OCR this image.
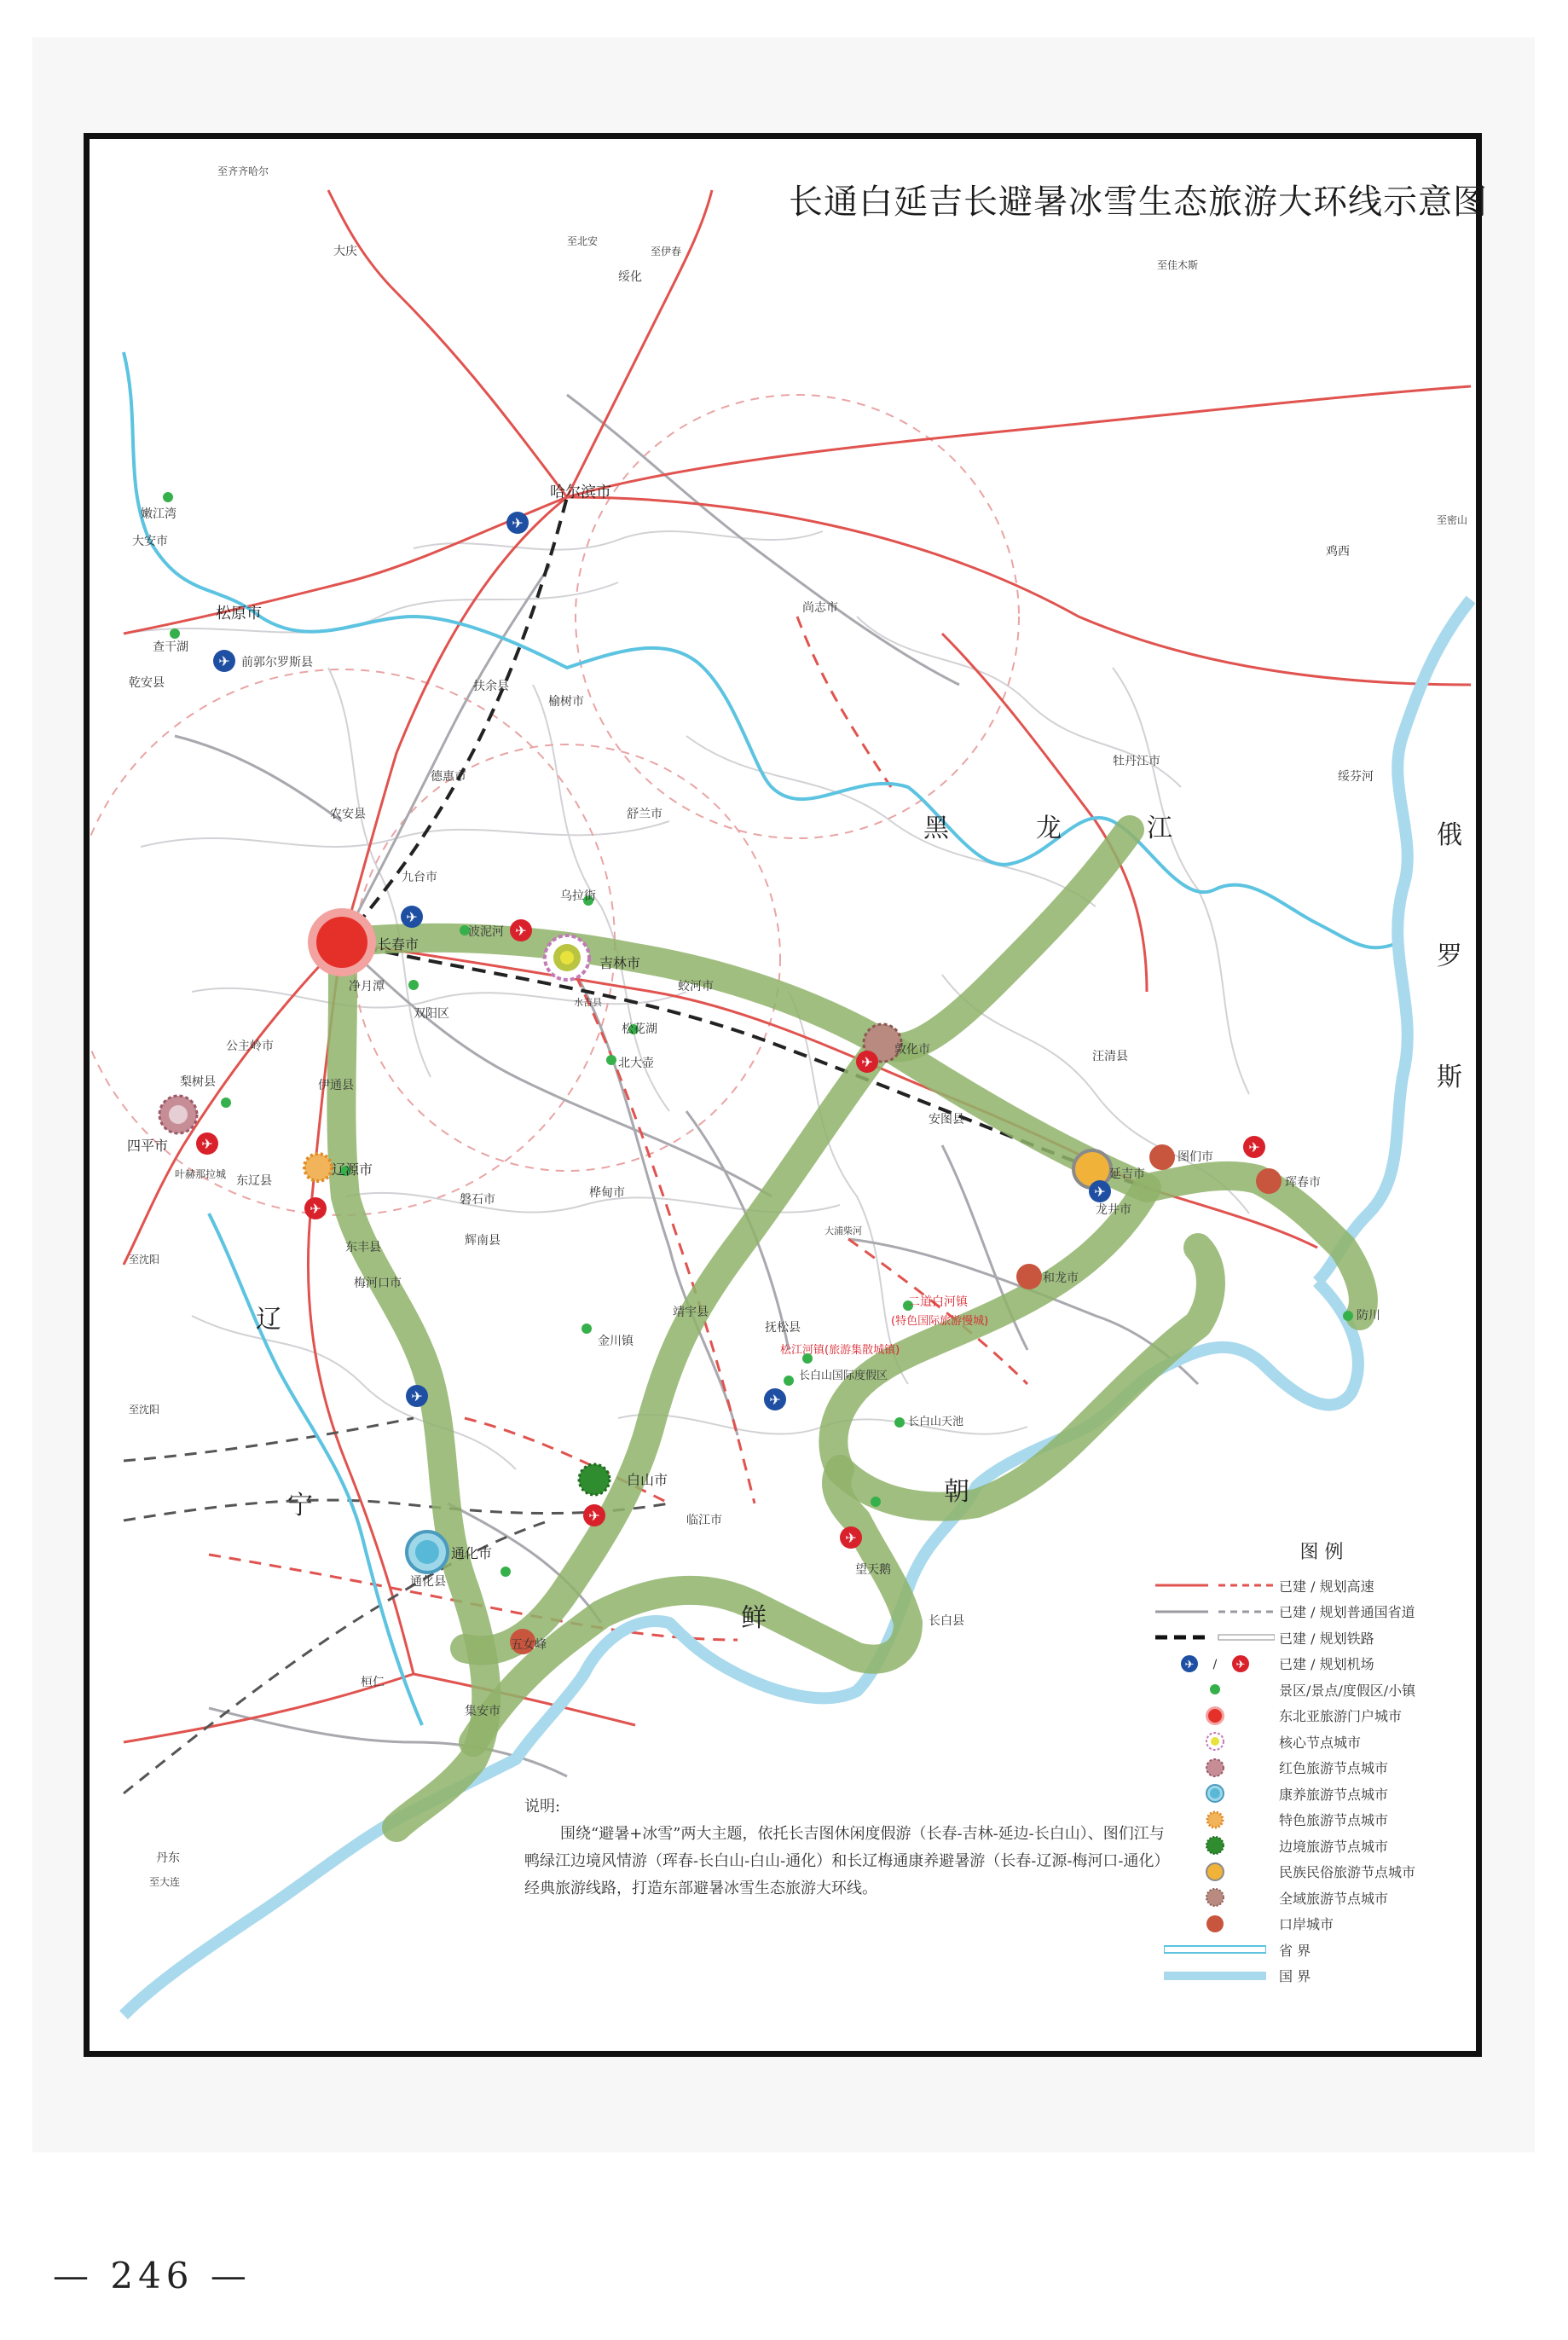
✈
✈
✈
✈
✈
✈
✈
✈
✈
✈
✈
✈
✈
黑	龙	江	俄
罗
斯
辽
宁	朝
鲜
至齐齐哈尔
至北安
至伊春
至佳木斯
至密山
至沈阳
至沈阳
至大连
大庆
绥化
哈尔滨市
嫩江湾
大安市
鸡西
松原市
查干湖
前郭尔罗斯县
乾安县
尚志市
扶余县
榆树市
德惠市
农安县	舒兰市
牡丹江市
绥芬河
九台市
乌拉街
长春市
波泥河
净月潭
吉林市
双阳区
水吉县
松花湖
蛟河市
北大壶
公主岭市
梨树县	伊通县
四平市
叶赫那拉城 东辽县
辽源市
敦化市	汪清县
安图县
延吉市
图们市
珲春市
龙井市
磐石市	桦甸市
辉南县
东丰县
梅河口市
大浦柴河
和龙市
二道白河镇
(特色国际旅游慢城)	防川
靖宇县
金川镇
抚松县
松江河镇(旅游集散城镇)
长白山国际度假区
长白山天池
白山市
临江市
通化市
通化县
望天鹅
长白县
五女峰
桓仁
集安市
丹东
长通白延吉长避暑冰雪生态旅游大环线示意图
说明:
围绕“避暑+冰雪”两大主题，依托长吉图休闲度假游（长春-吉林-延边-长白山）、图们江与鸭绿江边境风情游（珲春-长白山-白山-通化）和长辽梅通康养避暑游（长春-辽源-梅河口-通化）经典旅游线路，打造东部避暑冰雪生态旅游大环线。
图 例
已建 / 规划高速
已建 / 规划普通国省道
已建 / 规划铁路
✈ / ✈ 已建 / 规划机场
景区/景点/度假区/小镇
东北亚旅游门户城市
核心节点城市
红色旅游节点城市
康养旅游节点城市
特色旅游节点城市
边境旅游节点城市
民族民俗旅游节点城市
全域旅游节点城市
口岸城市
省 界
国 界
— 246 —
